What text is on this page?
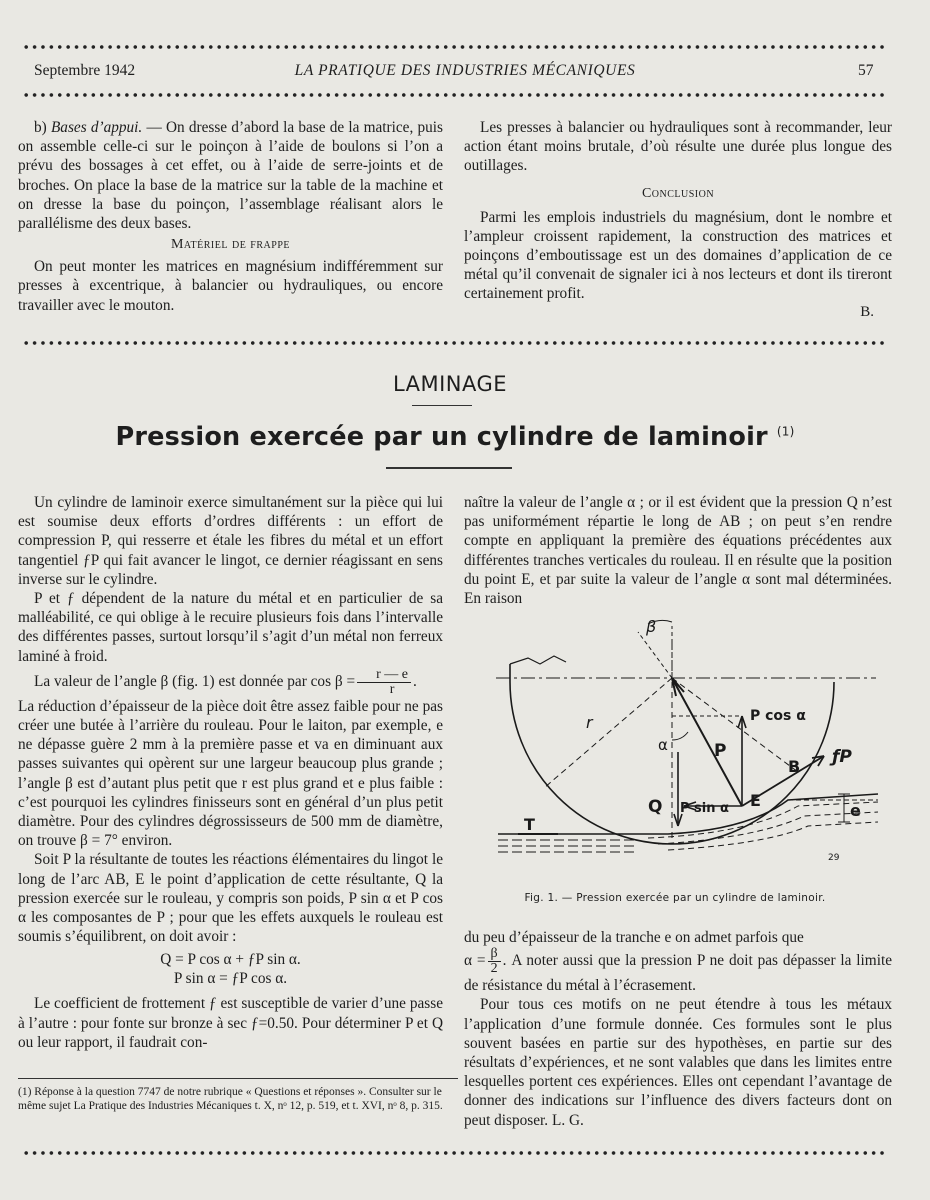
Septembre 1942	LA PRATIQUE DES INDUSTRIES MÉCANIQUES	57

b) Bases d’appui. — On dresse d’abord la base de la matrice, puis on assemble celle-ci sur le poinçon à l’aide de boulons si l’on a prévu des bossages à cet effet, ou à l’aide de serre-joints et de broches. On place la base de la matrice sur la table de la machine et on dresse la base du poinçon, l’assemblage réalisant alors le parallélisme des deux bases.

Matériel de frappe

On peut monter les matrices en magnésium indifféremment sur presses à excentrique, à balancier ou hydrauliques, ou encore travailler avec le mouton.

Les presses à balancier ou hydrauliques sont à recommander, leur action étant moins brutale, d’où résulte une durée plus longue des outillages.

Conclusion

Parmi les emplois industriels du magnésium, dont le nombre et l’ampleur croissent rapidement, la construction des matrices et poinçons d’emboutissage est un des domaines d’application de ce métal qu’il convenait de signaler ici à nos lecteurs et dont ils tireront certainement profit.

B.
LAMINAGE
Pression exercée par un cylindre de laminoir $^{(1)}$

Un cylindre de laminoir exerce simultanément sur la pièce qui lui est soumise deux efforts d’ordres différents : un effort de compression P, qui resserre et étale les fibres du métal et un effort tangentiel ƒP qui fait avancer le lingot, ce dernier réagissant en sens inverse sur le cylindre.

P et ƒ dépendent de la nature du métal et en particulier de sa malléabilité, ce qui oblige à le recuire plusieurs fois dans l’intervalle des différentes passes, surtout lorsqu’il s’agit d’un métal non ferreux laminé à froid.

La valeur de l’angle β (fig. 1) est donnée par $\cos \beta = \frac{r — e}{r}$ .

La réduction d’épaisseur de la pièce doit être assez faible pour ne pas créer une butée à l’arrière du rouleau. Pour le laiton, par exemple, e ne dépasse guère 2 mm à la première passe et va en diminuant aux passes suivantes qui opèrent sur une largeur beaucoup plus grande ; l’angle β est d’autant plus petit que r est plus grand et e plus faible : c’est pourquoi les cylindres finisseurs sont en général d’un plus petit diamètre. Pour des cylindres dégrossisseurs de 500 mm de diamètre, on trouve β = 7° environ.

Soit P la résultante de toutes les réactions élémentaires du lingot le long de l’arc AB, E le point d’application de cette résultante, Q la pression exercée sur le rouleau, y compris son poids, P sin α et P cos α les composantes de P ; pour que les effets auxquels le rouleau est soumis s’équilibrent, on doit avoir :

Q = P cos α + ƒP sin α.
P sin α = ƒP cos α.

Le coefficient de frottement ƒ est susceptible de varier d’une passe à l’autre : pour fonte sur bronze à sec ƒ=0.50. Pour déterminer P et Q ou leur rapport, il faudrait con-

(1) Réponse à la question 7747 de notre rubrique « Questions et réponses ». Consulter sur le même sujet La Pratique des Industries Mécaniques t. X, nᵒ 12, p. 519, et t. XVI, nᵒ 8, p. 315.

naître la valeur de l’angle α ; or il est évident que la pression Q n’est pas uniformément répartie le long de AB ; on peut s’en rendre compte en appliquant la première des équations précédentes aux différentes tranches verticales du rouleau. Il en résulte que la position du point E, et par suite la valeur de l’angle α sont mal déterminées. En raison

β
r
α	P
P cos α
B ƒP
Q P sin α E
T
e
29
Fig. 1. — Pression exercée par un cylindre de laminoir.

du peu d’épaisseur de la tranche e on admet parfois que
$\alpha = \frac{\beta}{2}$ . A noter aussi que la pression P ne doit pas dépasser la limite de résistance du métal à l’écrasement.

Pour tous ces motifs on ne peut étendre à tous les métaux l’application d’une formule donnée. Ces formules sont le plus souvent basées en partie sur des hypothèses, en partie sur des résultats d’expériences, et ne sont valables que dans les limites entre lesquelles portent ces expériences. Elles ont cependant l’avantage de donner des indications sur l’influence des divers facteurs dont on peut disposer. L. G.
